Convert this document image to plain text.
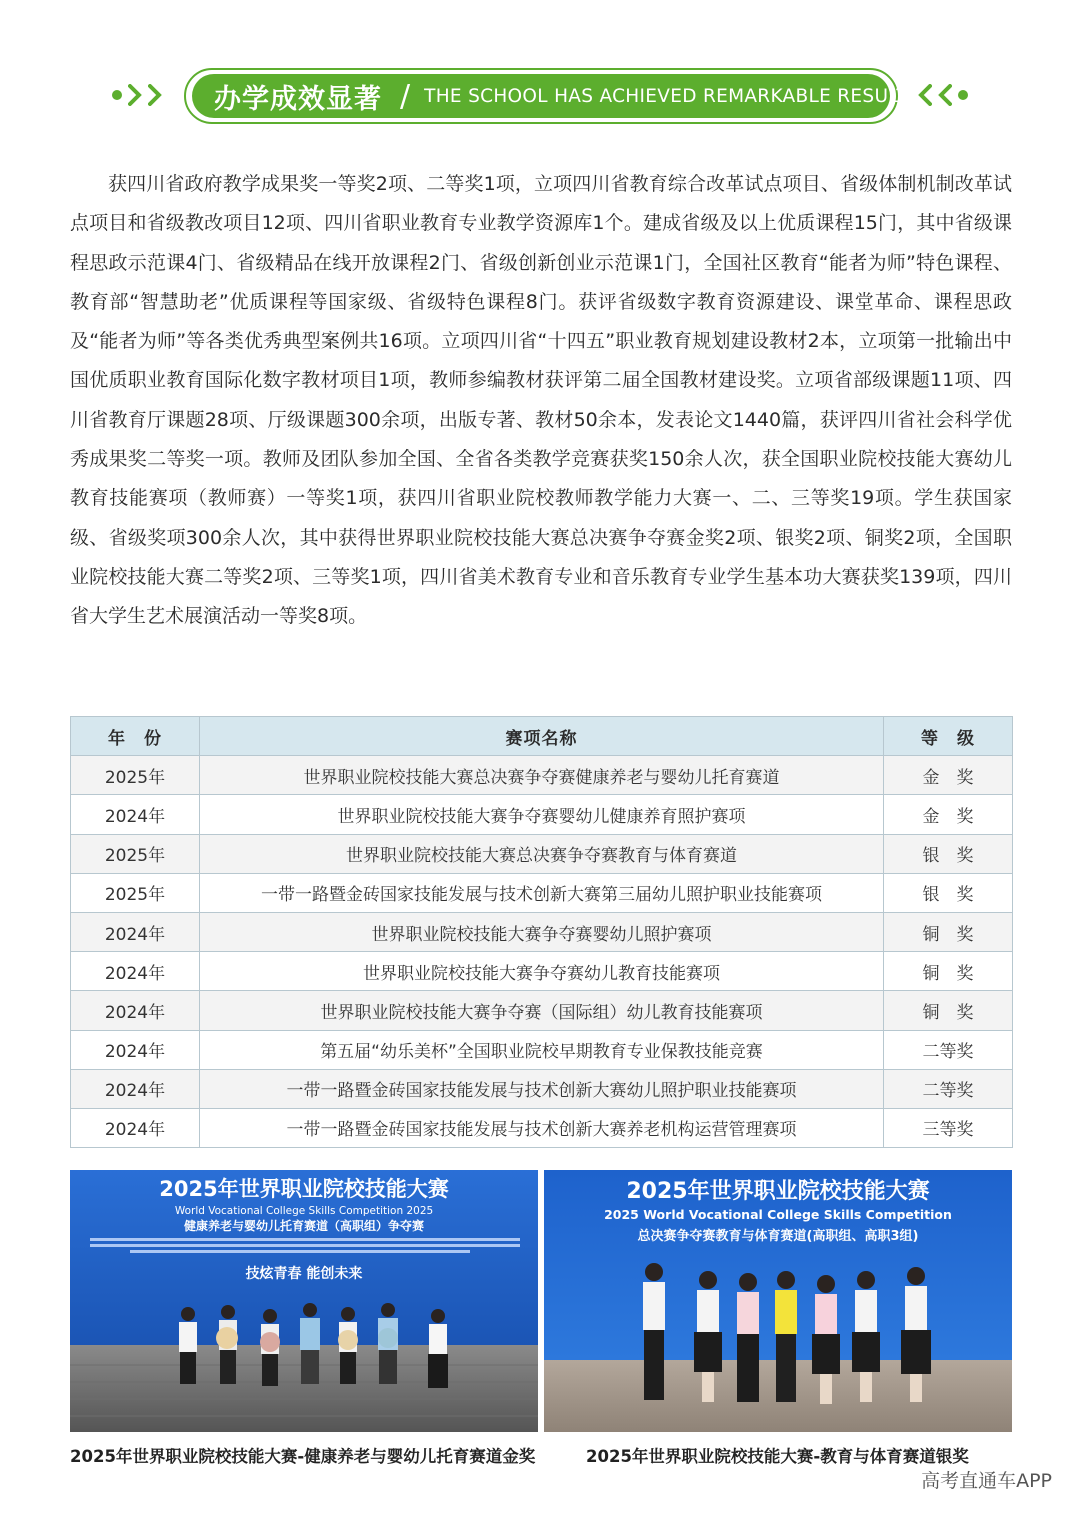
办学成效显著 / THE SCHOOL HAS ACHIEVED REMARKABLE RESULTS

获四川省政府教学成果奖一等奖2项、二等奖1项，立项四川省教育综合改革试点项目、省级体制机制改革试点项目和省级教改项目12项、四川省职业教育专业教学资源库1个。建成省级及以上优质课程15门，其中省级课程思政示范课4门、省级精品在线开放课程2门、省级创新创业示范课1门，全国社区教育“能者为师”特色课程、教育部“智慧助老”优质课程等国家级、省级特色课程8门。获评省级数字教育资源建设、课堂革命、课程思政及“能者为师”等各类优秀典型案例共16项。立项四川省“十四五”职业教育规划建设教材2本，立项第一批输出中国优质职业教育国际化数字教材项目1项，教师参编教材获评第二届全国教材建设奖。立项省部级课题11项、四川省教育厅课题28项、厅级课题300余项，出版专著、教材50余本，发表论文1440篇，获评四川省社会科学优秀成果奖二等奖一项。教师及团队参加全国、全省各类教学竞赛获奖150余人次，获全国职业院校技能大赛幼儿教育技能赛项（教师赛）一等奖1项，获四川省职业院校教师教学能力大赛一、二、三等奖19项。学生获国家级、省级奖项300余人次，其中获得世界职业院校技能大赛总决赛争夺赛金奖2项、银奖2项、铜奖2项，全国职业院校技能大赛二等奖2项、三等奖1项，四川省美术教育专业和音乐教育专业学生基本功大赛获奖139项，四川省大学生艺术展演活动一等奖8项。

年　份	赛项名称	等　级
2025年	世界职业院校技能大赛总决赛争夺赛健康养老与婴幼儿托育赛道	金　奖
2024年	世界职业院校技能大赛争夺赛婴幼儿健康养育照护赛项	金　奖
2025年	世界职业院校技能大赛总决赛争夺赛教育与体育赛道	银　奖
2025年	一带一路暨金砖国家技能发展与技术创新大赛第三届幼儿照护职业技能赛项	银　奖
2024年	世界职业院校技能大赛争夺赛婴幼儿照护赛项	铜　奖
2024年	世界职业院校技能大赛争夺赛幼儿教育技能赛项	铜　奖
2024年	世界职业院校技能大赛争夺赛（国际组）幼儿教育技能赛项	铜　奖
2024年	第五届“幼乐美杯”全国职业院校早期教育专业保教技能竞赛	二等奖
2024年	一带一路暨金砖国家技能发展与技术创新大赛幼儿照护职业技能赛项	二等奖
2024年	一带一路暨金砖国家技能发展与技术创新大赛养老机构运营管理赛项	三等奖
2025年世界职业院校技能大赛
World Vocational College Skills Competition 2025
健康养老与婴幼儿托育赛道（高职组）争夺赛
技炫青春 能创未来
2025年世界职业院校技能大赛-健康养老与婴幼儿托育赛道金奖
2025年世界职业院校技能大赛
2025 World Vocational College Skills Competition
总决赛争夺赛教育与体育赛道(高职组、高职3组)
2025年世界职业院校技能大赛-教育与体育赛道银奖
高考直通车APP
